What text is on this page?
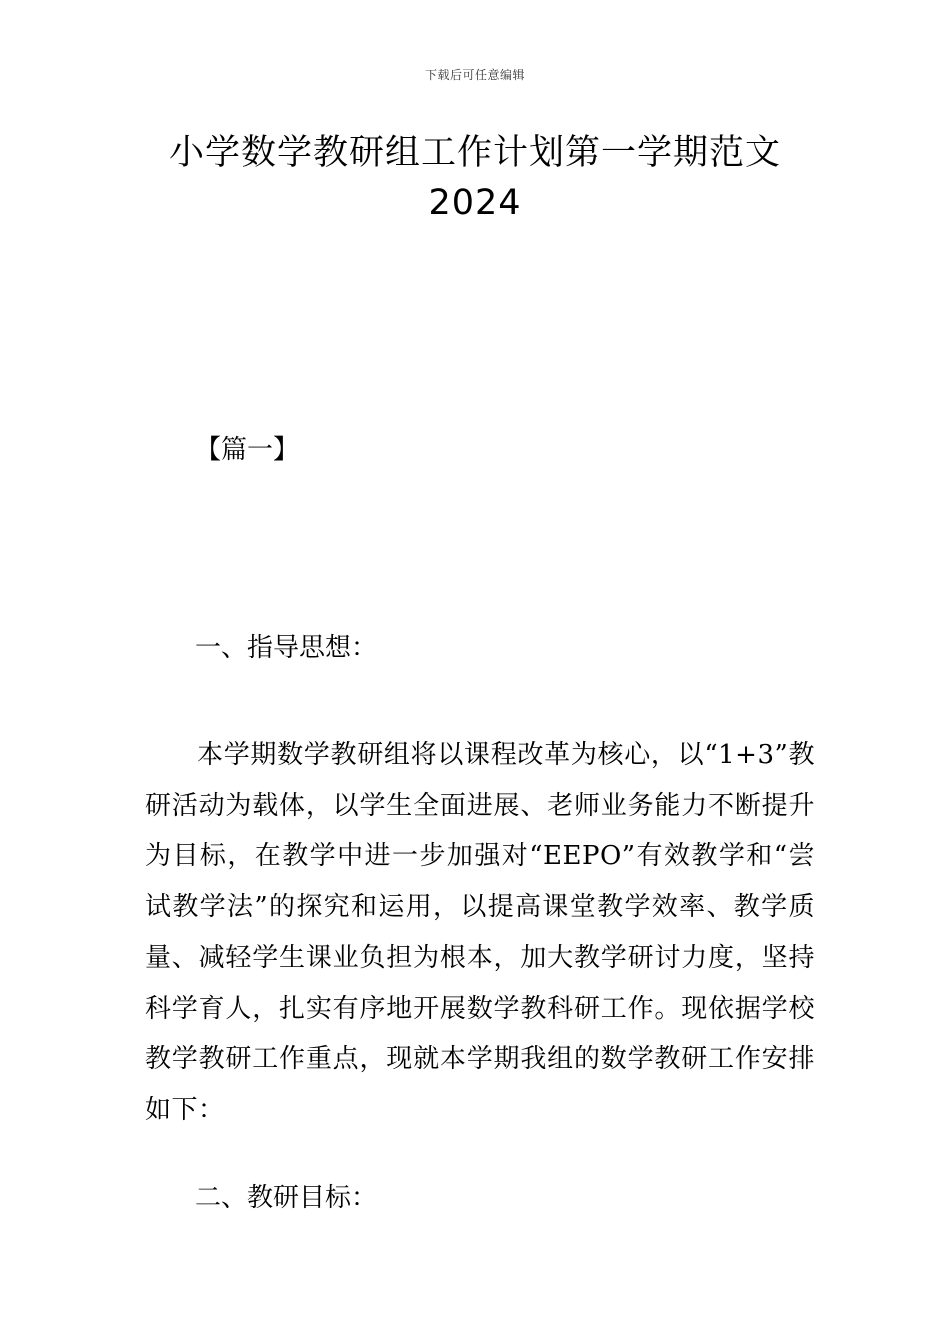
下载后可任意编辑
小学数学教研组工作计划第一学期范文
2024
【篇一】
一、指导思想：

本学期数学教研组将以课程改革为核心，以“1+3”教研活动为载体，以学生全面进展、老师业务能力不断提升为目标，在教学中进一步加强对“EEPO”有效教学和“尝试教学法”的探究和运用，以提高课堂教学效率、教学质量、减轻学生课业负担为根本，加大教学研讨力度，坚持科学育人，扎实有序地开展数学教科研工作。现依据学校教学教研工作重点，现就本学期我组的数学教研工作安排如下：

二、教研目标：
